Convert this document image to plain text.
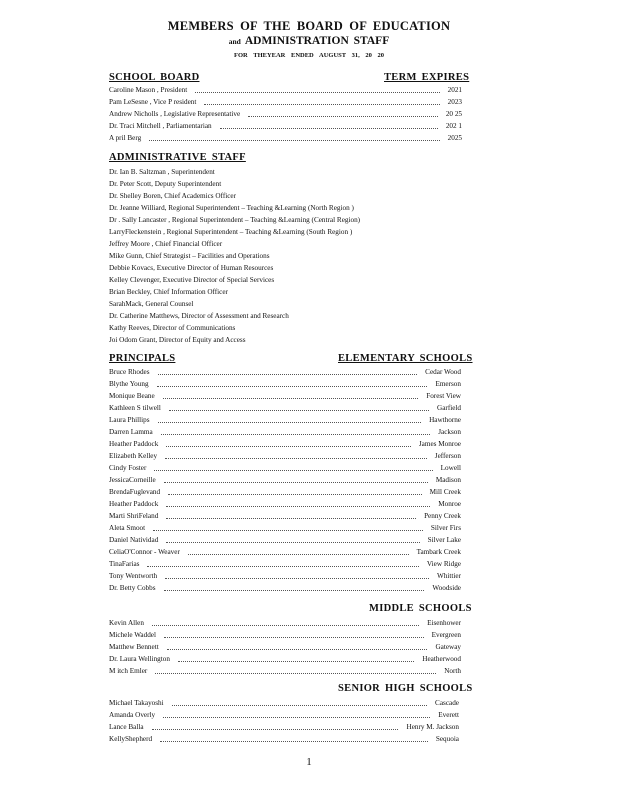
MEMBERS OF THE BOARD OF EDUCATION
and ADMINISTRATION STAFF
FOR THEYEAR ENDED AUGUST 31, 20 20
SCHOOL BOARD	TERM EXPIRES
Caroline Mason , President	2021
Pam LeSesne , Vice P resident	2023
Andrew Nicholls , Legislative Representative	20 25
Dr. Traci Mitchell , Parliamentarian	202 1
A pril Berg	2025
ADMINISTRATIVE STAFF
Dr. Ian B. Saltzman , Superintendent
Dr. Peter Scott, Deputy Superintendent
Dr. Shelley Boren, Chief Academics Officer
Dr. Jeanne Williard, Regional Superintendent – Teaching &Learning (North Region )
Dr . Sally Lancaster , Regional Superintendent – Teaching &Learning (Central Region)
LarryFleckenstein , Regional Superintendent – Teaching &Learning (South Region )
Jeffrey Moore , Chief Financial Officer
Mike Gunn, Chief Strategist – Facilities and Operations
Debbie Kovacs, Executive Director of Human Resources
Kelley Clevenger, Executive Director of Special Services
Brian Beckley, Chief Information Officer
SarahMack, General Counsel
Dr. Catherine Matthews, Director of Assessment and Research
Kathy Reeves, Director of Communications
Joi Odom Grant, Director of Equity and Access
PRINCIPALS	ELEMENTARY SCHOOLS
Bruce Rhodes	Cedar Wood
Blythe Young	Emerson
Monique Beane	Forest View
Kathleen S tilwell	Garfield
Laura Phillips	Hawthorne
Darren Lamma	Jackson
Heather Paddock	James Monroe
Elizabeth Kelley	Jefferson
Cindy Foster	Lowell
JessicaCorneille	Madison
BrendaFuglevand	Mill Creek
Heather Paddock	Monroe
Marti ShriFeland	Penny Creek
Aleta Smoot	Silver Firs
Daniel Natividad	Silver Lake
CeliaO'Connor - Weaver	Tambark Creek
TinaFarias	View Ridge
Tony Wentworth	Whittier
Dr. Betty Cobbs	Woodside
MIDDLE SCHOOLS
Kevin Allen	Eisenhower
Michele Waddel	Evergreen
Matthew Bennett	Gateway
Dr. Laura Wellington	Heatherwood
M itch Emler	North
SENIOR HIGH SCHOOLS
Michael Takayoshi	Cascade
Amanda Overly	Everett
Lance Balla	Henry M. Jackson
KellyShepherd	Sequoia
1
